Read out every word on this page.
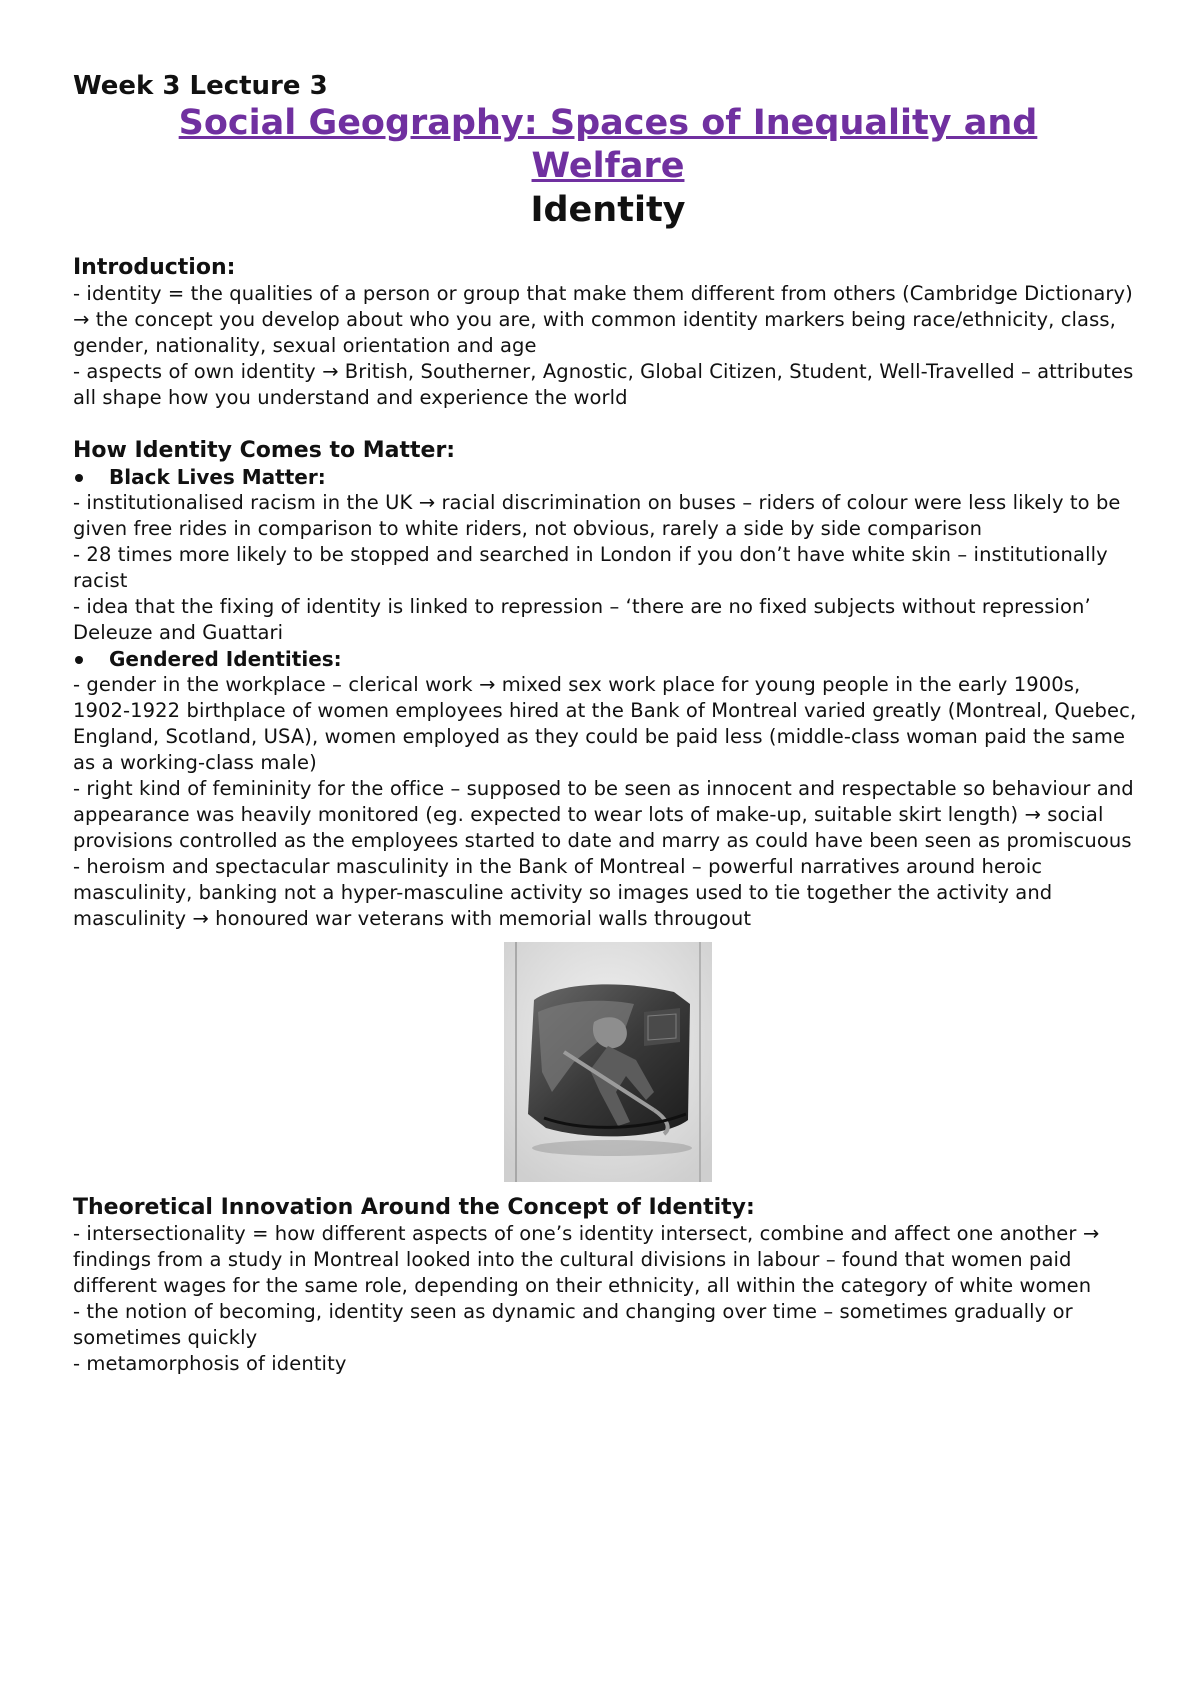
Week 3 Lecture 3

Social Geography: Spaces of Inequality and Welfare

Identity

Introduction:

- identity = the qualities of a person or group that make them different from others (Cambridge Dictionary) → the concept you develop about who you are, with common identity markers being race/ethnicity, class, gender, nationality, sexual orientation and age

- aspects of own identity → British, Southerner, Agnostic, Global Citizen, Student, Well-Travelled – attributes all shape how you understand and experience the world

How Identity Comes to Matter:

Black Lives Matter:

- institutionalised racism in the UK → racial discrimination on buses – riders of colour were less likely to be given free rides in comparison to white riders, not obvious, rarely a side by side comparison

- 28 times more likely to be stopped and searched in London if you don’t have white skin – institutionally racist

- idea that the fixing of identity is linked to repression – ‘there are no fixed subjects without repression’ Deleuze and Guattari

Gendered Identities:

- gender in the workplace – clerical work → mixed sex work place for young people in the early 1900s, 1902-1922 birthplace of women employees hired at the Bank of Montreal varied greatly (Montreal, Quebec, England, Scotland, USA), women employed as they could be paid less (middle-class woman paid the same as a working-class male)

- right kind of femininity for the office – supposed to be seen as innocent and respectable so behaviour and appearance was heavily monitored (eg. expected to wear lots of make-up, suitable skirt length) → social provisions controlled as the employees started to date and marry as could have been seen as promiscuous

- heroism and spectacular masculinity in the Bank of Montreal – powerful narratives around heroic masculinity, banking not a hyper-masculine activity so images used to tie together the activity and masculinity → honoured war veterans with memorial walls througout

Theoretical Innovation Around the Concept of Identity:

- intersectionality = how different aspects of one’s identity intersect, combine and affect one another → findings from a study in Montreal looked into the cultural divisions in labour – found that women paid different wages for the same role, depending on their ethnicity, all within the category of white women

- the notion of becoming, identity seen as dynamic and changing over time – sometimes gradually or sometimes quickly

- metamorphosis of identity
